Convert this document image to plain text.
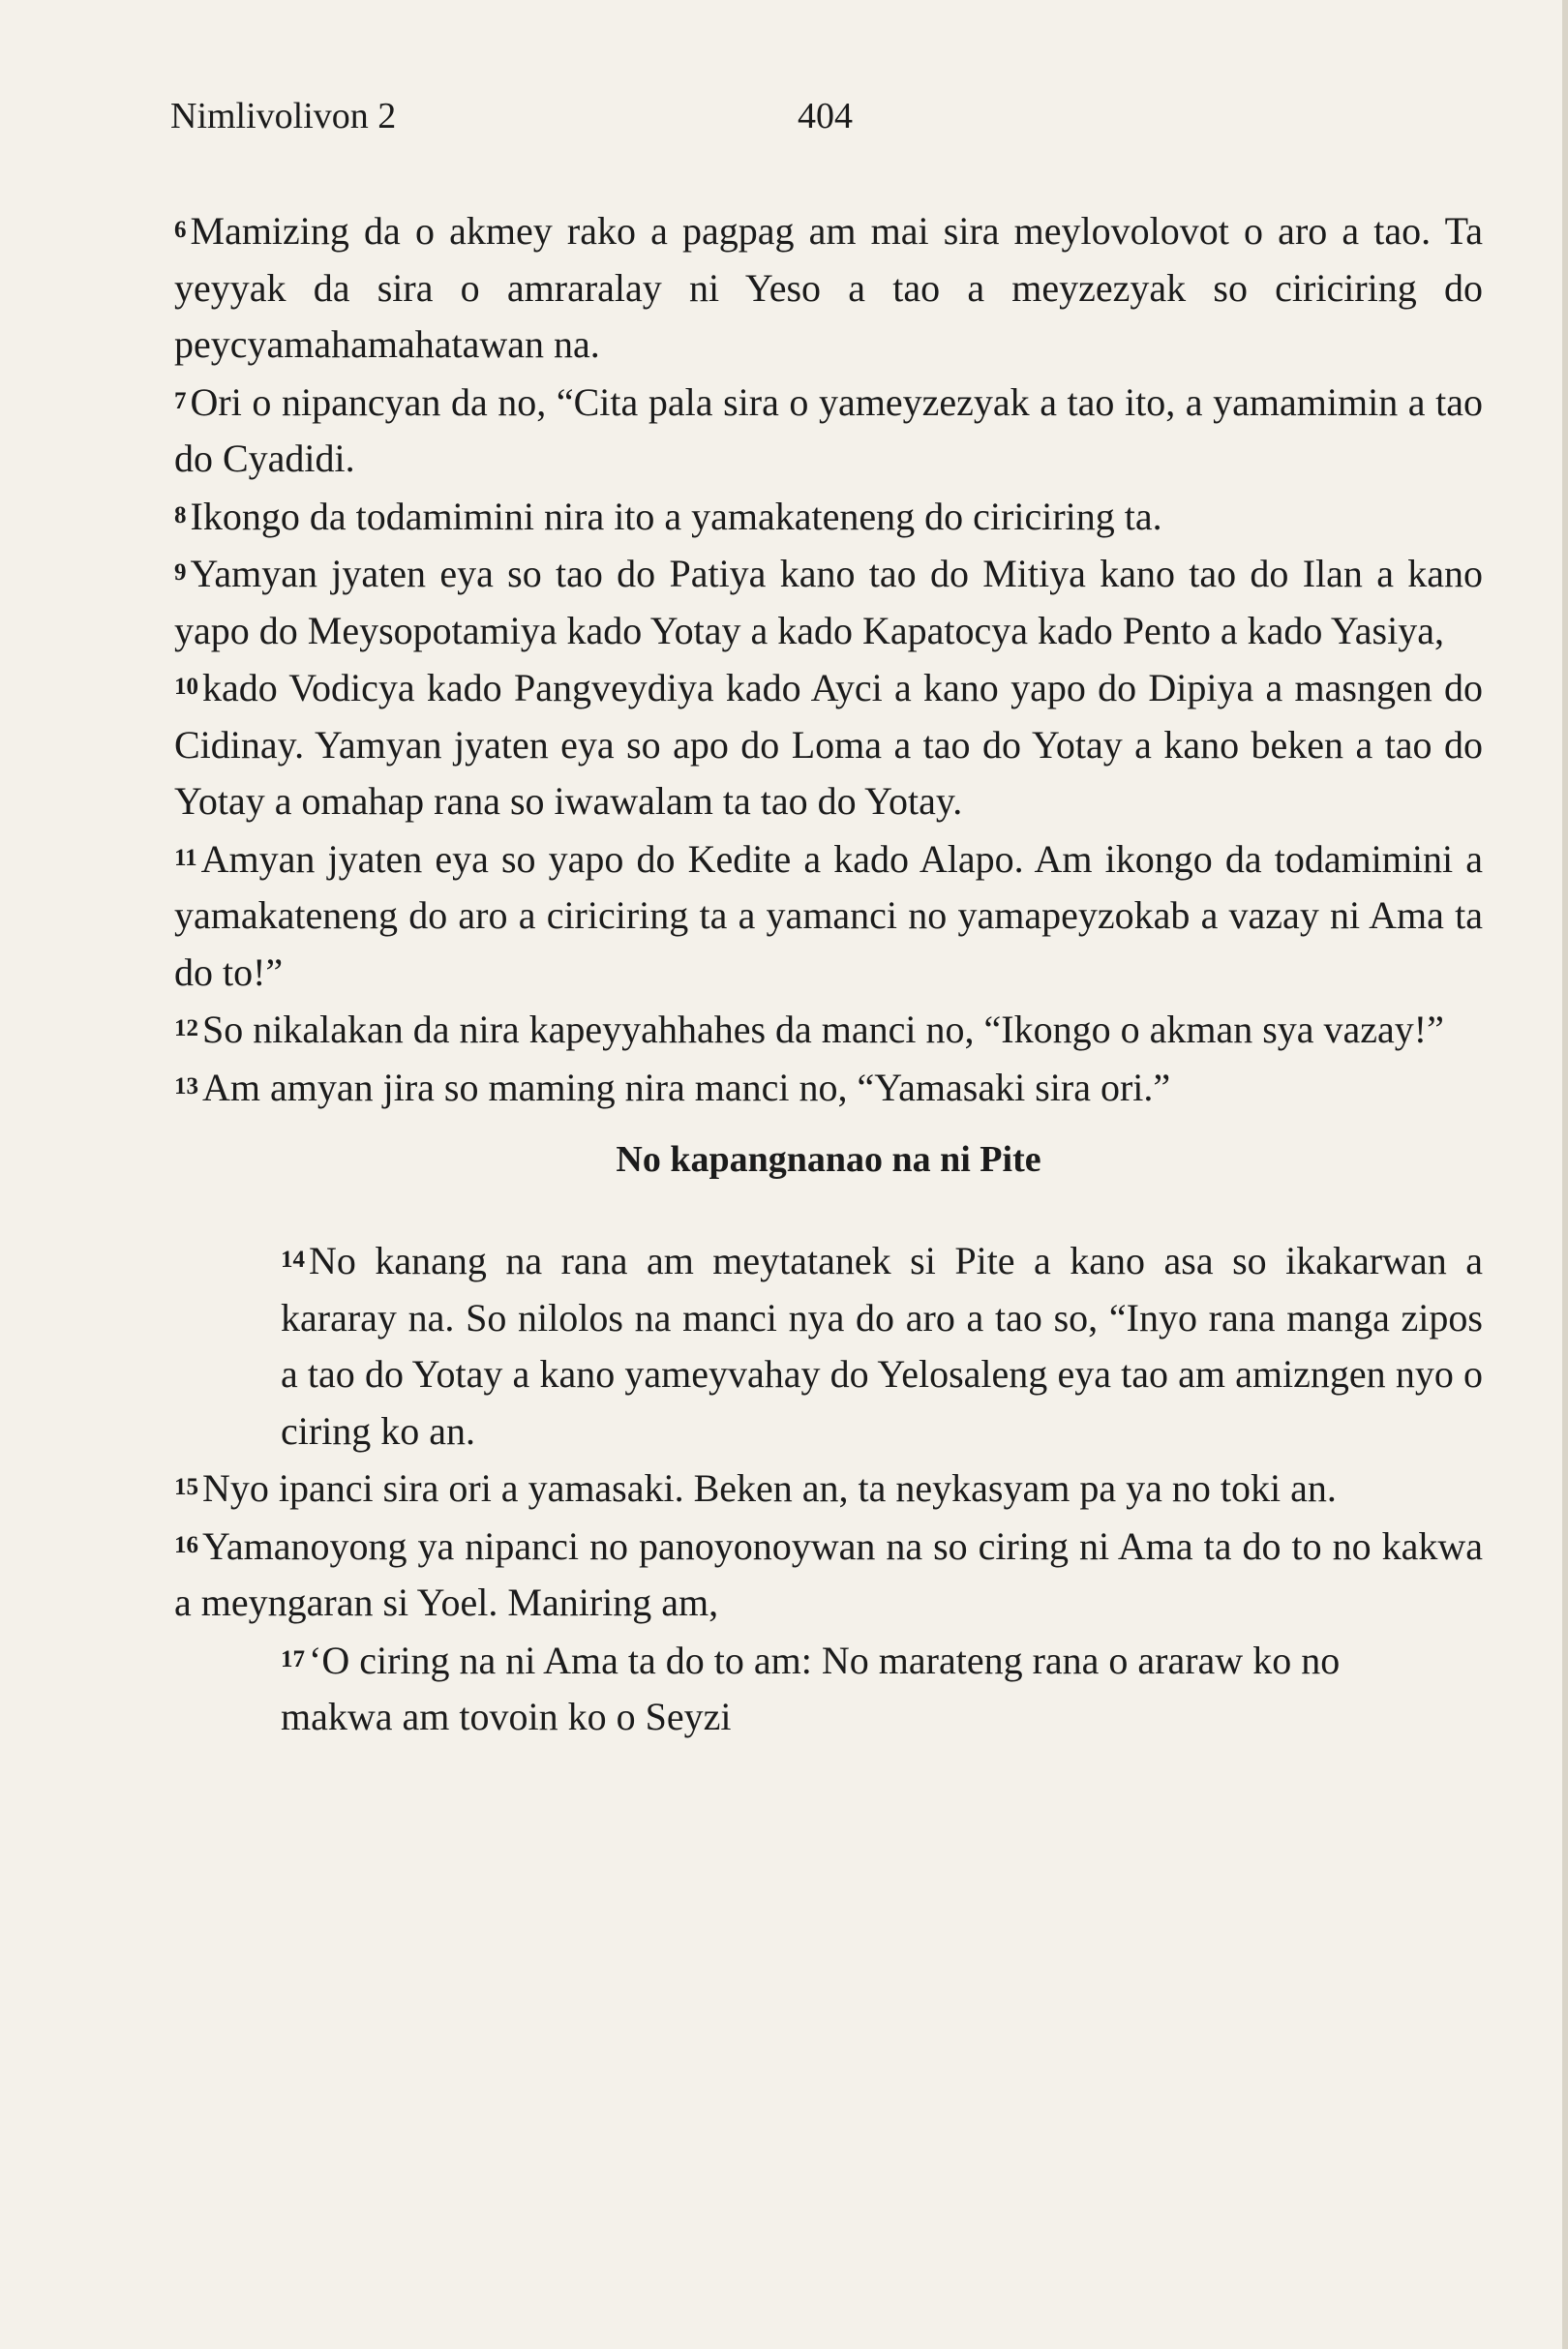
Nimlivolivon 2	404

6 Mamizing da o akmey rako a pagpag am mai sira meylovolovot o aro a tao. Ta yeyyak da sira o amraralay ni Yeso a tao a meyzezyak so ciriciring do peycyamahamahatawan na.

7 Ori o nipancyan da no, “Cita pala sira o yameyzezyak a tao ito, a yamamimin a tao do Cyadidi.

8 Ikongo da todamimini nira ito a yamakateneng do ciriciring ta.

9 Yamyan jyaten eya so tao do Patiya kano tao do Mitiya kano tao do Ilan a kano yapo do Meysopotamiya kado Yotay a kado Kapatocya kado Pento a kado Yasiya,

10 kado Vodicya kado Pangveydiya kado Ayci a kano yapo do Dipiya a masngen do Cidinay. Yamyan jyaten eya so apo do Loma a tao do Yotay a kano beken a tao do Yotay a omahap rana so iwawalam ta tao do Yotay.

11 Amyan jyaten eya so yapo do Kedite a kado Alapo. Am ikongo da todamimini a yamakateneng do aro a ciriciring ta a yamanci no yamapeyzokab a vazay ni Ama ta do to!”

12 So nikalakan da nira kapeyyahhahes da manci no, “Ikongo o akman sya vazay!”

13 Am amyan jira so maming nira manci no, “Yamasaki sira ori.”

No kapangnanao na ni Pite

14 No kanang na rana am meytatanek si Pite a kano asa so ikakarwan a kararay na. So nilolos na manci nya do aro a tao so, “Inyo rana manga zipos a tao do Yotay a kano yameyvahay do Yelosaleng eya tao am amizngen nyo o ciring ko an.

15 Nyo ipanci sira ori a yamasaki. Beken an, ta neykasyam pa ya no toki an.

16 Yamanoyong ya nipanci no panoyonoywan na so ciring ni Ama ta do to no kakwa a meyngaran si Yoel. Maniring am,

17 ‘O ciring na ni Ama ta do to am: No marateng rana o araraw ko no makwa am tovoin ko o Seyzi
